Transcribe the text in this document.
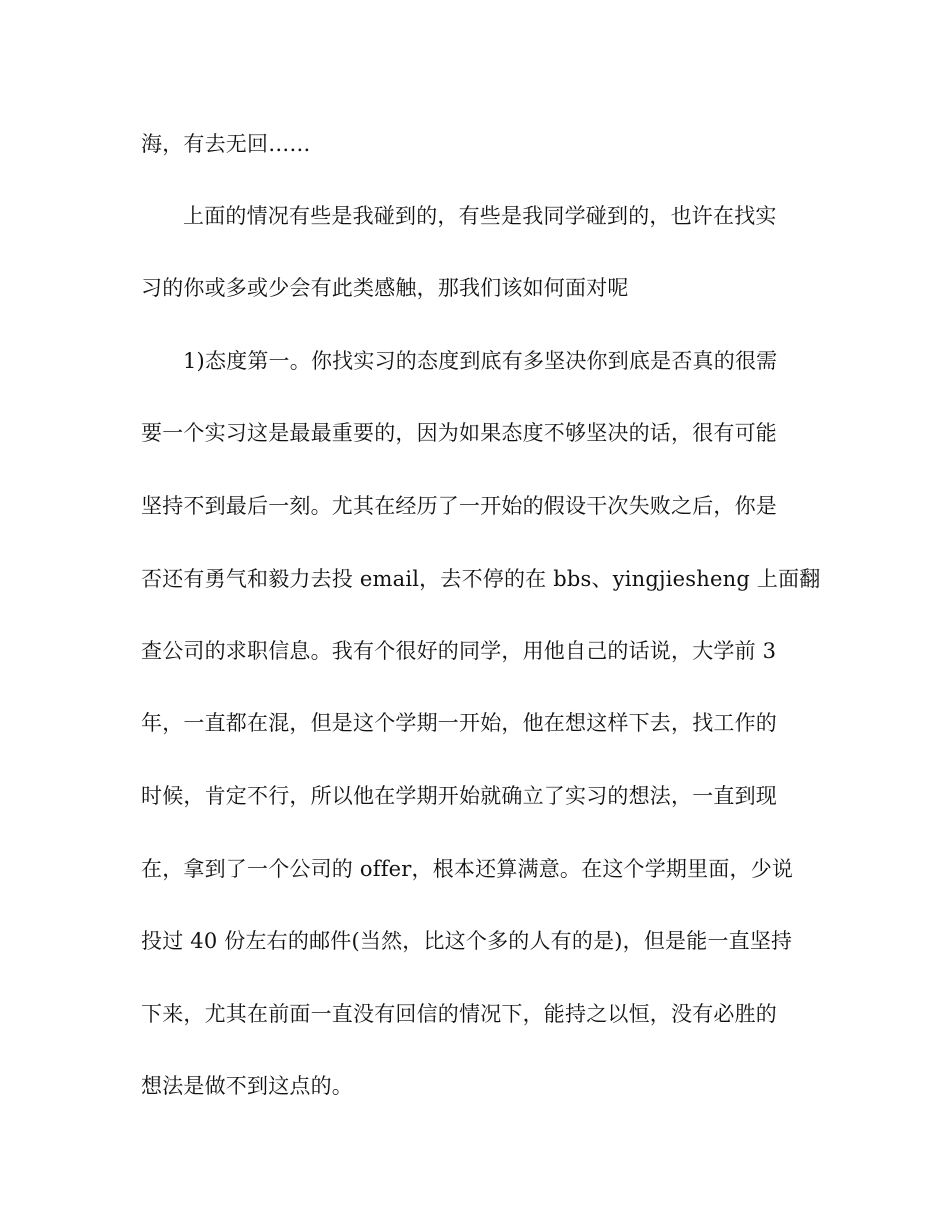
海，有去无回……
上面的情况有些是我碰到的，有些是我同学碰到的，也许在找实
习的你或多或少会有此类感触，那我们该如何面对呢
1)态度第一。你找实习的态度到底有多坚决你到底是否真的很需
要一个实习这是最最重要的，因为如果态度不够坚决的话，很有可能
坚持不到最后一刻。尤其在经历了一开始的假设干次失败之后，你是
否还有勇气和毅力去投 email，去不停的在 bbs、yingjiesheng 上面翻
查公司的求职信息。我有个很好的同学，用他自己的话说，大学前 3
年，一直都在混，但是这个学期一开始，他在想这样下去，找工作的
时候，肯定不行，所以他在学期开始就确立了实习的想法，一直到现
在，拿到了一个公司的 offer，根本还算满意。在这个学期里面，少说
投过 40 份左右的邮件(当然，比这个多的人有的是)，但是能一直坚持
下来，尤其在前面一直没有回信的情况下，能持之以恒，没有必胜的
想法是做不到这点的。
